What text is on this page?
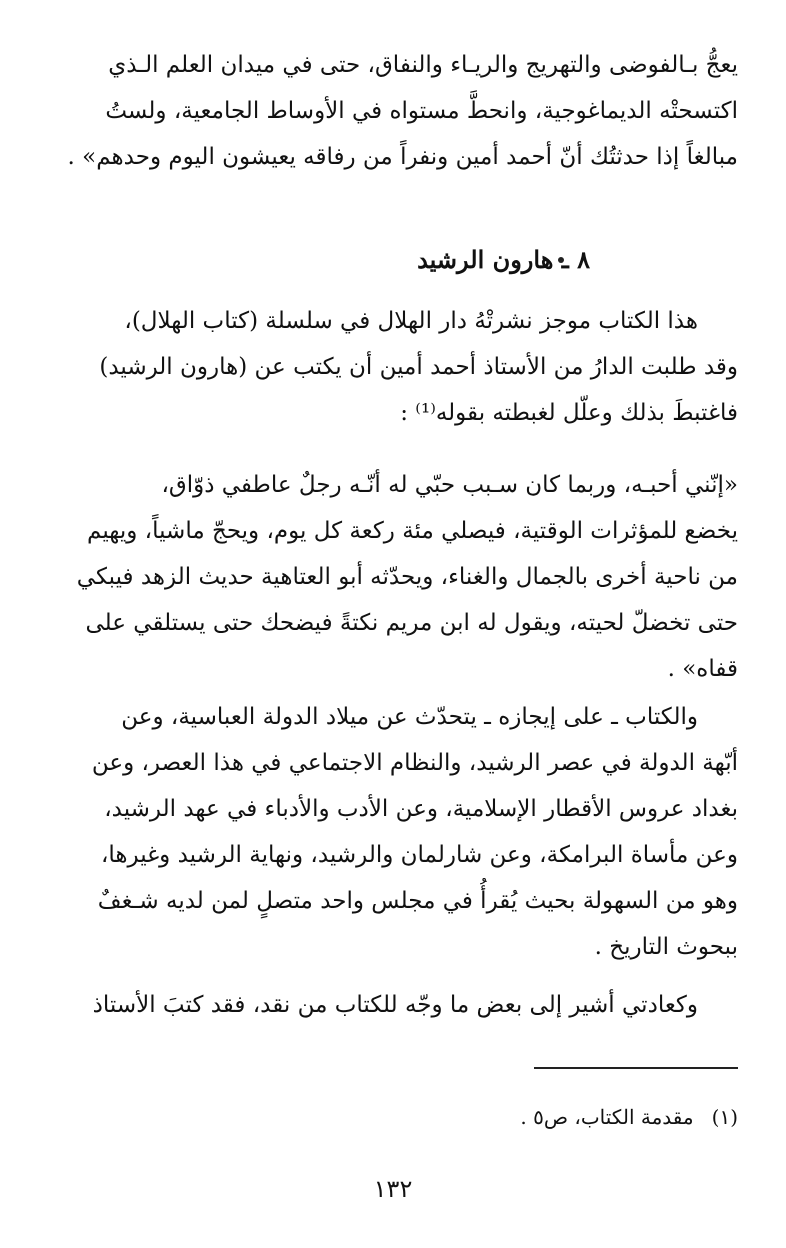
يعجُّ بـالفوضى والتهريج والريـاء والنفاق، حتى في ميدان العلم الـذي
اكتسحتْه الديماغوجية، وانحطَّ مستواه في الأوساط الجامعية، ولستُ
مبالغاً إذا حدثتُك أنّ أحمد أمين ونفراً من رفاقه يعيشون اليوم وحدهم» .

٨ ـ هارون الرشيد

هذا الكتاب موجز نشرتْهُ دار الهلال في سلسلة (كتاب الهلال)،
وقد طلبت الدارُ من الأستاذ أحمد أمين أن يكتب عن (هارون الرشيد)
فاغتبطَ بذلك وعلّل لغبطته بقوله⁽¹⁾ :

«إنّني أحبـه، وربما كان سـبب حبّي له أنّـه رجلٌ عاطفي ذوّاق،
يخضع للمؤثرات الوقتية، فيصلي مئة ركعة كل يوم، ويحجّ ماشياً، ويهيم
من ناحية أخرى بالجمال والغناء، ويحدّثه أبو العتاهية حديث الزهد فيبكي
حتى تخضلّ لحيته، ويقول له ابن مريم نكتةً فيضحك حتى يستلقي على
قفاه» .

والكتاب ـ على إيجازه ـ يتحدّث عن ميلاد الدولة العباسية، وعن
أبّهة الدولة في عصر الرشيد، والنظام الاجتماعي في هذا العصر، وعن
بغداد عروس الأقطار الإسلامية، وعن الأدب والأدباء في عهد الرشيد،
وعن مأساة البرامكة، وعن شارلمان والرشيد، ونهاية الرشيد وغيرها،
وهو من السهولة بحيث يُقرأُ في مجلس واحد متصلٍ لمن لديه شـغفٌ
ببحوث التاريخ .

وكعادتي أشير إلى بعض ما وجّه للكتاب من نقد، فقد كتبَ الأستاذ

(١)مقدمة الكتاب، ص٥ .
١٣٢
